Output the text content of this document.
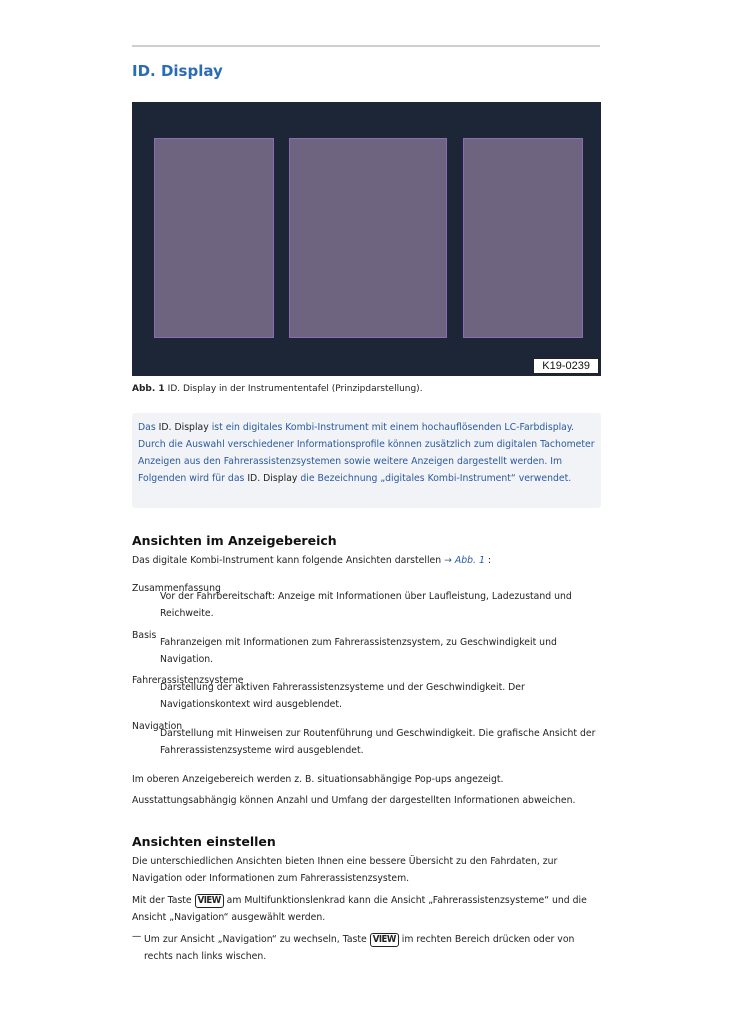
ID. Display
K19-0239
Abb. 1 ID. Display in der Instrumententafel (Prinzipdarstellung).

Das ID. Display ist ein digitales Kombi-Instrument mit einem hochauflösenden LC-Farbdisplay. Durch die Auswahl verschiedener Informationsprofile können zusätzlich zum digitalen Tachometer Anzeigen aus den Fahrerassistenzsystemen sowie weitere Anzeigen dargestellt werden. Im Folgenden wird für das ID. Display die Bezeichnung „digitales Kombi-Instrument“ verwendet.

Ansichten im Anzeigebereich

Das digitale Kombi-Instrument kann folgende Ansichten darstellen → Abb. 1 :

Zusammenfassung

Vor der Fahrbereitschaft: Anzeige mit Informationen über Laufleistung, Ladezustand und Reichweite.

Basis

Fahranzeigen mit Informationen zum Fahrerassistenzsystem, zu Geschwindigkeit und Navigation.

Fahrerassistenzsysteme

Darstellung der aktiven Fahrerassistenzsysteme und der Geschwindigkeit. Der Navigationskontext wird ausgeblendet.

Navigation

Darstellung mit Hinweisen zur Routenführung und Geschwindigkeit. Die grafische Ansicht der Fahrerassistenzsysteme wird ausgeblendet.

Im oberen Anzeigebereich werden z. B. situationsabhängige Pop-ups angezeigt.

Ausstattungsabhängig können Anzahl und Umfang der dargestellten Informationen abweichen.

Ansichten einstellen

Die unterschiedlichen Ansichten bieten Ihnen eine bessere Übersicht zu den Fahrdaten, zur Navigation oder Informationen zum Fahrerassistenzsystem.

Mit der Taste VIEW am Multifunktionslenkrad kann die Ansicht „Fahrerassistenzsysteme“ und die Ansicht „Navigation“ ausgewählt werden.

— Um zur Ansicht „Navigation“ zu wechseln, Taste VIEW im rechten Bereich drücken oder von rechts nach links wischen.
